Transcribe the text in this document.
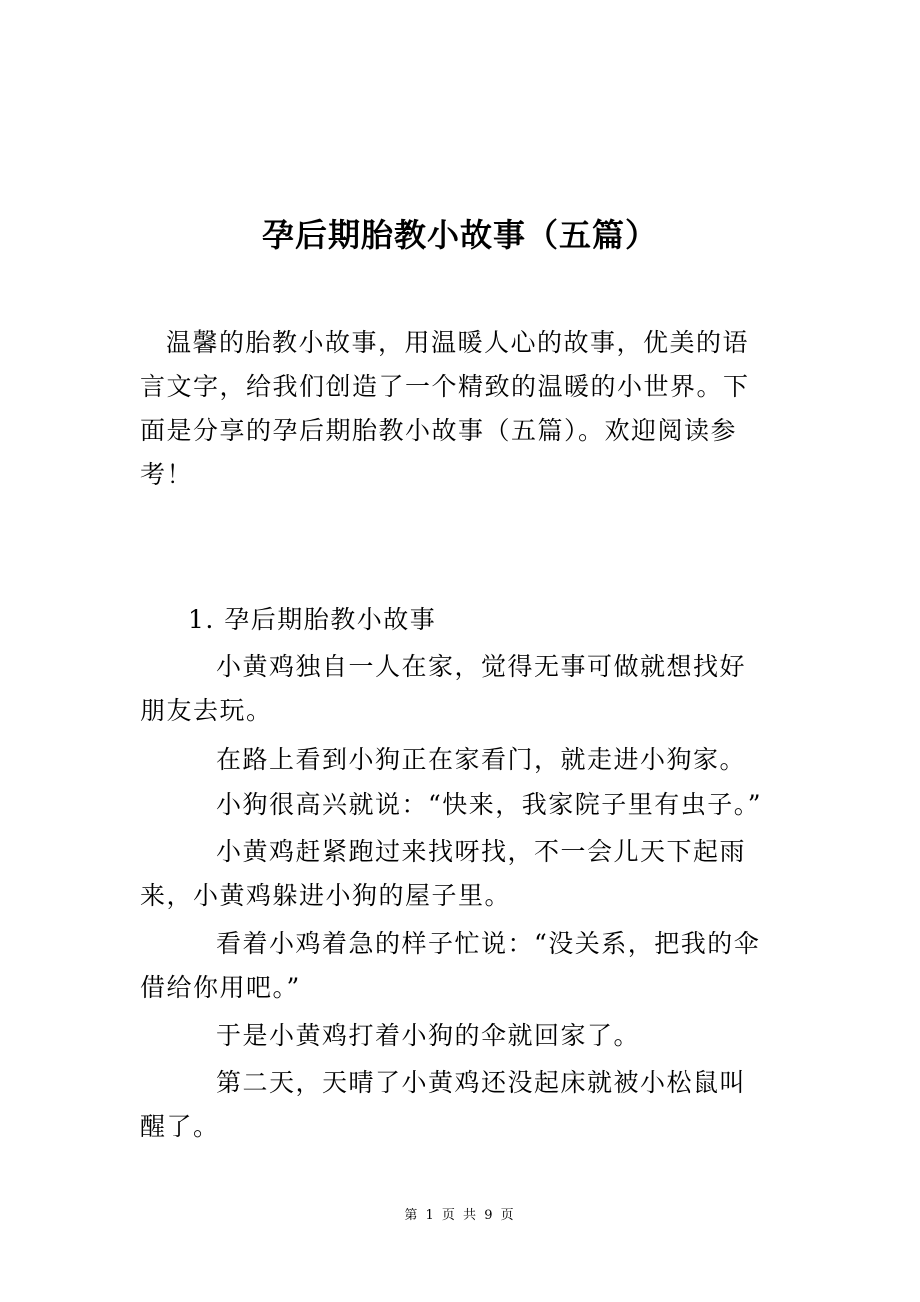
孕后期胎教小故事（五篇）

温馨的胎教小故事，用温暖人心的故事，优美的语言文字，给我们创造了一个精致的温暖的小世界。下面是分享的孕后期胎教小故事（五篇）。欢迎阅读参考！

1. 孕后期胎教小故事

小黄鸡独自一人在家，觉得无事可做就想找好朋友去玩。

在路上看到小狗正在家看门，就走进小狗家。

小狗很高兴就说：“快来，我家院子里有虫子。”

小黄鸡赶紧跑过来找呀找，不一会儿天下起雨来，小黄鸡躲进小狗的屋子里。

看着小鸡着急的样子忙说：“没关系，把我的伞借给你用吧。”

于是小黄鸡打着小狗的伞就回家了。

第二天，天晴了小黄鸡还没起床就被小松鼠叫醒了。

第 1 页 共 9 页
